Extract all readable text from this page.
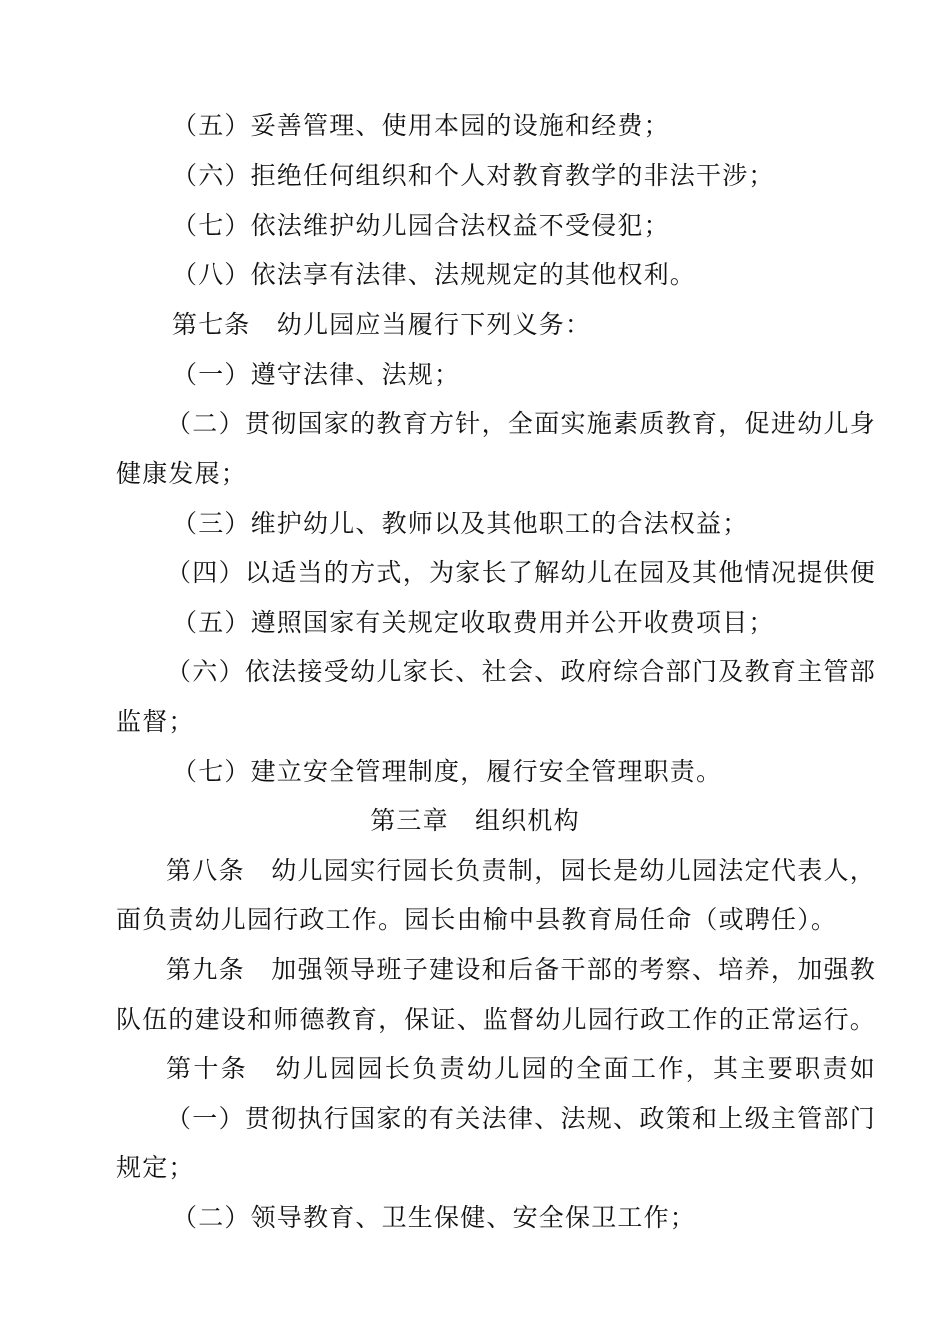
（五）妥善管理、使用本园的设施和经费；
（六）拒绝任何组织和个人对教育教学的非法干涉；
（七）依法维护幼儿园合法权益不受侵犯；
（八）依法享有法律、法规规定的其他权利。
第七条　幼儿园应当履行下列义务：
（一）遵守法律、法规；
（二）贯彻国家的教育方针，全面实施素质教育，促进幼儿身
健康发展；
（三）维护幼儿、教师以及其他职工的合法权益；
（四）以适当的方式，为家长了解幼儿在园及其他情况提供便
（五）遵照国家有关规定收取费用并公开收费项目；
（六）依法接受幼儿家长、社会、政府综合部门及教育主管部
监督；
（七）建立安全管理制度，履行安全管理职责。
第三章　组织机构
第八条　幼儿园实行园长负责制，园长是幼儿园法定代表人，
面负责幼儿园行政工作。园长由榆中县教育局任命（或聘任）。
第九条　加强领导班子建设和后备干部的考察、培养，加强教
队伍的建设和师德教育，保证、监督幼儿园行政工作的正常运行。
第十条　幼儿园园长负责幼儿园的全面工作，其主要职责如
（一）贯彻执行国家的有关法律、法规、政策和上级主管部门
规定；
（二）领导教育、卫生保健、安全保卫工作；
